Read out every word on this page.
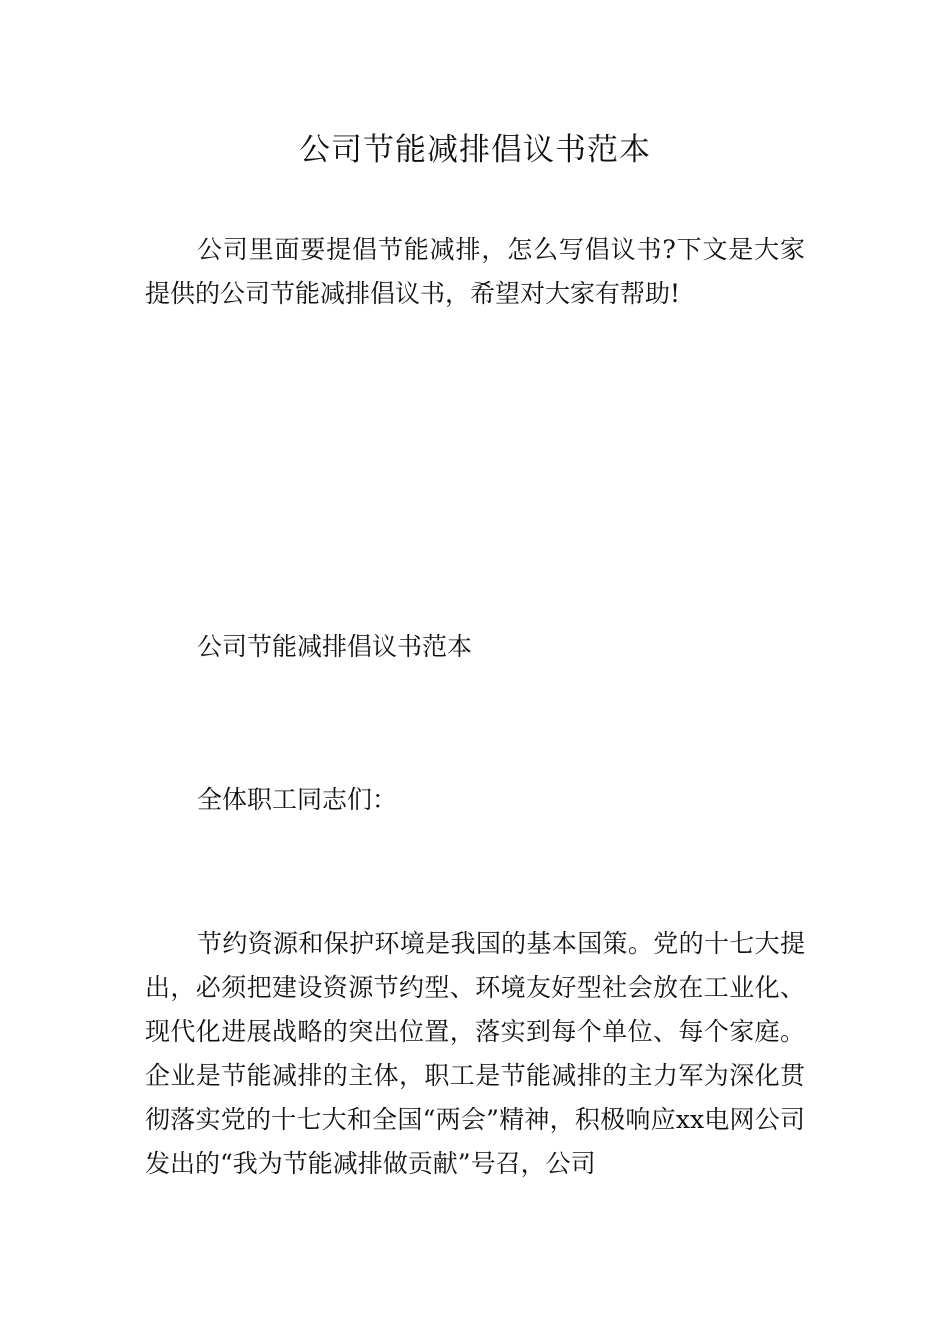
公司节能减排倡议书范本

公司里面要提倡节能减排，怎么写倡议书?下文是大家提供的公司节能减排倡议书，希望对大家有帮助!

公司节能减排倡议书范本

全体职工同志们：

节约资源和保护环境是我国的基本国策。党的十七大提出，必须把建设资源节约型、环境友好型社会放在工业化、现代化进展战略的突出位置，落实到每个单位、每个家庭。企业是节能减排的主体，职工是节能减排的主力军为深化贯彻落实党的十七大和全国“两会”精神，积极响应xx电网公司发出的“我为节能减排做贡献”号召，公司
